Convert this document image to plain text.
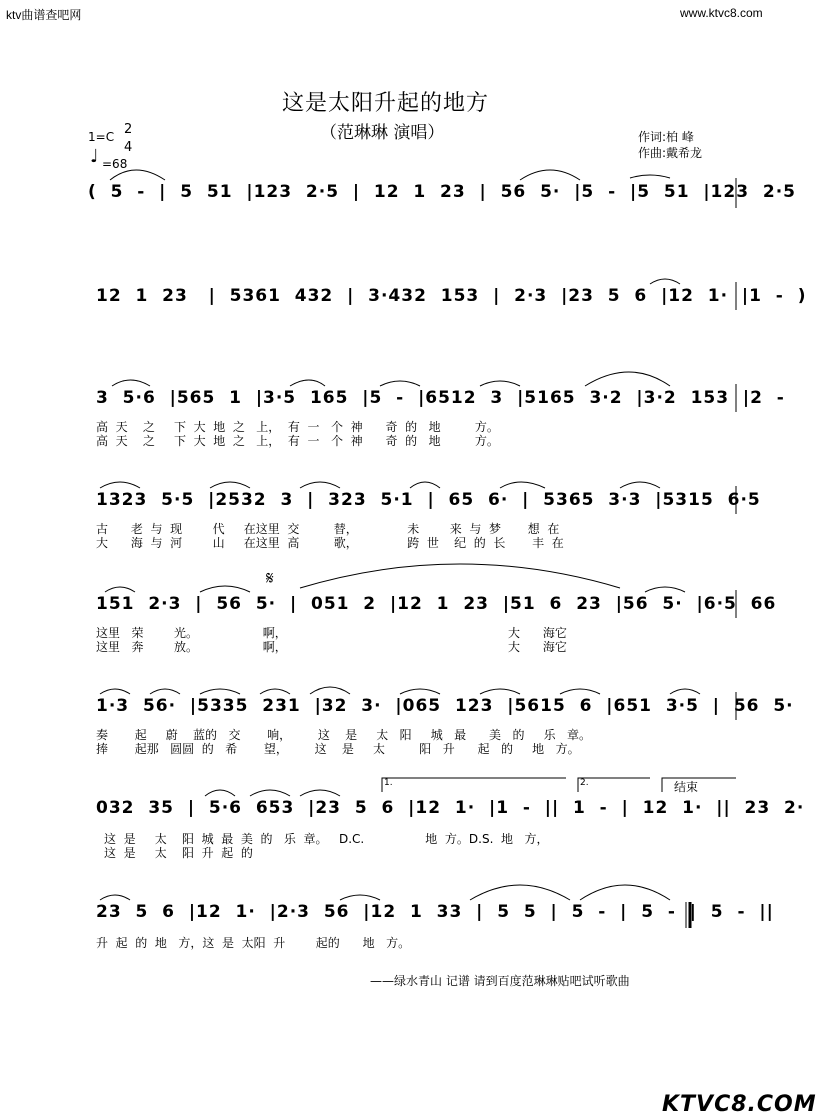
ktv曲谱查吧网	www.ktvc8.com
这是太阳升起的地方
（范琳琳 演唱）
1=C 2
4
♩ =68
作词:柏 峰
作曲:戴希龙
(  5  -  |  5  51  |123  2·5  |  12  1  23  |  56  5·  |5  -  |5  51  |123  2·5
12  1  23   |  5361  432  |  3·432  153  |  2·3  |23  5  6  |12  1·  |1  -  )
3  5·6  |565  1  |3·5  165  |5  -  |6512  3  |5165  3·2  |3·2  153  |2  -
高  天    之     下  大  地  之   上，  有  一   个  神      奇  的   地         方。
高  天    之     下  大  地  之   上，  有  一   个  神      奇  的   地         方。
1323  5·5  |2532  3  |  323  5·1  |  65  6·  |  5365  3·3  |5315  6·5
古      老  与  现        代     在这里  交         替，             未        来  与  梦       想  在
大      海  与  河        山     在这里  高         歌，             跨  世    纪  的  长       丰  在
𝄋
151  2·3  |  56  5·  |  051  2  |12  1  23  |51  6  23  |56  5·  |6·5  66
这里   荣        光。                 啊，                                                          大      海它
这里   奔        放。                 啊，                                                          大      海它
1·3  56·  |5335  231  |32  3·  |065  123  |5615  6  |651  3·5  |  56  5·
奏       起     蔚    蓝的   交       响，       这    是     太   阳     城   最      美   的     乐   章。
捧       起那   圆圆  的   希       望，       这    是     太         阳   升      起   的     地   方。
1.	2.	结束
032  35  |  5·6  653  |23  5  6  |12  1·  |1  -  ||  1  -  |  12  1·  ||  23  2·
这  是     太    阳  城  最  美  的   乐  章。   D.C.                地  方。D.S.  地   方，
这  是     太    阳  升  起  的
23  5  6  |12  1·  |2·3  56  |12  1  33  |  5  5  |  5  -  |  5  -  |  5  -  ||
升  起  的  地   方，这  是  太阳  升        起的      地   方。
——绿水青山 记谱 请到百度范琳琳贴吧试听歌曲
KTVC8.COM
